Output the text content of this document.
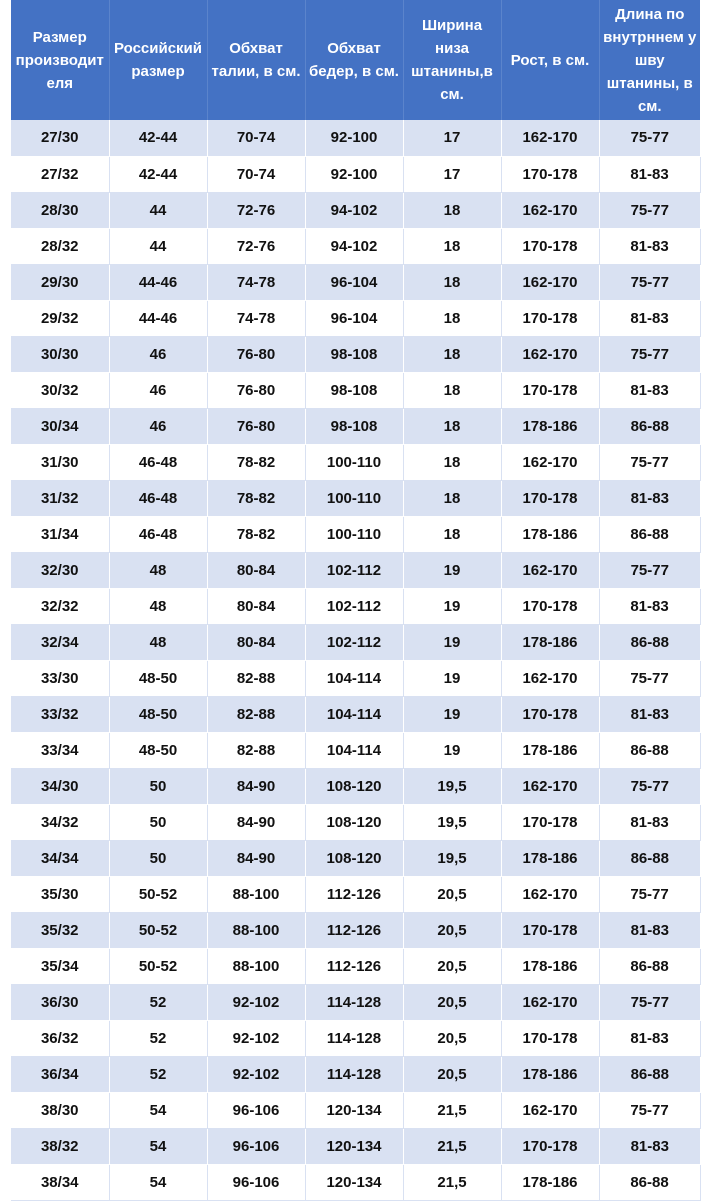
Размер производителя	Российский размер	Обхват талии, в см.	Обхват бедер, в см.	Ширина низа штанины,в см.	Рост, в см.	Длина по внутрннем у шву штанины, в см.
27/30	42-44	70-74	92-100	17	162-170	75-77
27/32	42-44	70-74	92-100	17	170-178	81-83
28/30	44	72-76	94-102	18	162-170	75-77
28/32	44	72-76	94-102	18	170-178	81-83
29/30	44-46	74-78	96-104	18	162-170	75-77
29/32	44-46	74-78	96-104	18	170-178	81-83
30/30	46	76-80	98-108	18	162-170	75-77
30/32	46	76-80	98-108	18	170-178	81-83
30/34	46	76-80	98-108	18	178-186	86-88
31/30	46-48	78-82	100-110	18	162-170	75-77
31/32	46-48	78-82	100-110	18	170-178	81-83
31/34	46-48	78-82	100-110	18	178-186	86-88
32/30	48	80-84	102-112	19	162-170	75-77
32/32	48	80-84	102-112	19	170-178	81-83
32/34	48	80-84	102-112	19	178-186	86-88
33/30	48-50	82-88	104-114	19	162-170	75-77
33/32	48-50	82-88	104-114	19	170-178	81-83
33/34	48-50	82-88	104-114	19	178-186	86-88
34/30	50	84-90	108-120	19,5	162-170	75-77
34/32	50	84-90	108-120	19,5	170-178	81-83
34/34	50	84-90	108-120	19,5	178-186	86-88
35/30	50-52	88-100	112-126	20,5	162-170	75-77
35/32	50-52	88-100	112-126	20,5	170-178	81-83
35/34	50-52	88-100	112-126	20,5	178-186	86-88
36/30	52	92-102	114-128	20,5	162-170	75-77
36/32	52	92-102	114-128	20,5	170-178	81-83
36/34	52	92-102	114-128	20,5	178-186	86-88
38/30	54	96-106	120-134	21,5	162-170	75-77
38/32	54	96-106	120-134	21,5	170-178	81-83
38/34	54	96-106	120-134	21,5	178-186	86-88
